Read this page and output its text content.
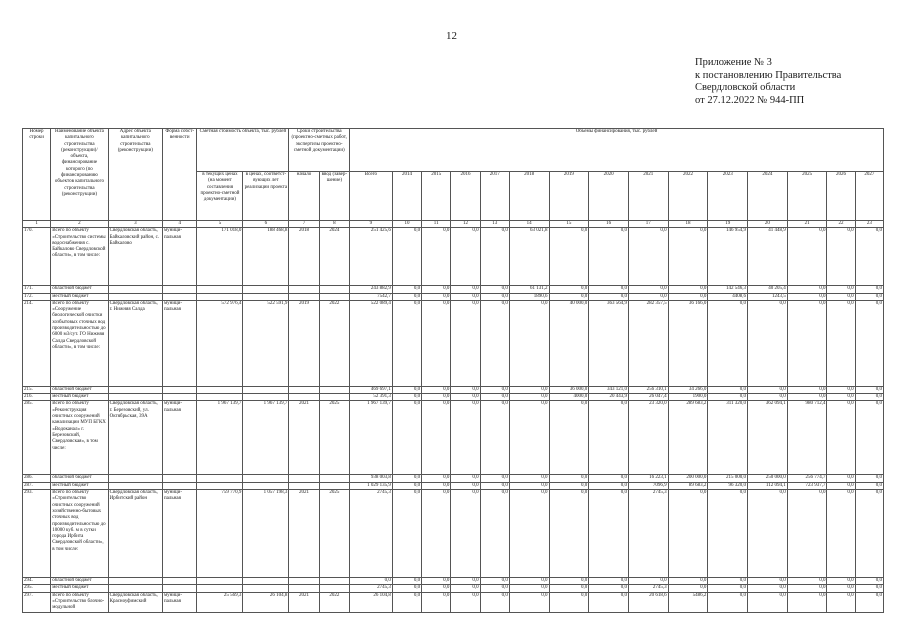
12
Приложение № 3
к постановлению Правительства
Свердловской области
от 27.12.2022 № 944-ПП
Номер строки	Наименование объекта капитального строительства (реконструкции)/ объекта, финансирование которого (по финансированию объектов капитального строительства (реконструкции)	Адрес объекта капитального строительства (реконструкции)	Форма собст-венности	Сметная стоимость объекта, тыс. рублей		Сроки строительства (проектно-сметных работ, экспертизы проектно-сметной документации)		Объемы финансирования, тыс. рублей														
				в текущих ценах (на момент составления проектно-сметной документации)	в ценах, соответст-вующих лет реализации проекта	начало	ввод (завер-шение)	Всего	2014	2015	2016	2017	2018	2019	2020	2021	2022	2023	2024	2025	2026	2027
1	2	3	4	5	6	7	8	9	10	11	12	13	14	15	16	17	18	19	20	21	22	23
170.	Всего по объекту «Строительство системы водоснабжения с. Байкалово Свердловской области», в том числе:	Свердловская область, Байкаловский район, с. Байкалово	муници-пальная	171 018,0	188 468,8	2018	2024	251 425,6	0,0	0,0	0,0	0,0	63 021,8	0,0	0,0	0,0	0,0	146 954,9	41 448,9	0,0	0,0	0,0
171.	областной бюджет							243 882,9	0,0	0,0	0,0	0,0	61 131,2	0,0	0,0	0,0	0,0	142 546,3	40 205,4	0,0	0,0	0,0
172.	местный бюджет							7542,7	0,0	0,0	0,0	0,0	1890,6	0,0	0,0	0,0	0,0	4408,6	1243,5	0,0	0,0	0,0
214.	Всего по объекту «Сооружение биологической очистки хозбытовых сточных вод производительностью до 6000 м3/сут. ГО Нижняя Салда Свердловской области», в том числе:	Свердловская область, г. Нижняя Салда	муници-пальная	572 976,4	522 591,9	2019	2022	522 089,4	0,0	0,0	0,0	0,0	0,0	40 000,0	363 564,9	282 357,5	36 166,0	0,0	0,0	0,0	0,0	0,0
215.	областной бюджет							469 697,1	0,0	0,0	0,0	0,0	0,0	36 000,0	343 121,0	256 310,1	34 266,0	0,0	0,0	0,0	0,0	0,0
216.	местный бюджет							52 391,3	0,0	0,0	0,0	0,0	0,0	4000,0	20 443,9	26 047,4	1900,0	0,0	0,0	0,0	0,0	0,0
285.	Всего по объекту «Реконструкция очистных сооружений канализации МУП БГКХ «Водоканал» г. Березовский, Свердловская», в том числе:	Свердловская область, г. Березовский, ул. Октябрьская, 39А	муници-пальная	1 967 139,7	1 967 139,7	2021	2025	1 967 139,7	0,0	0,0	0,0	0,0	0,0	0,0	0,0	23 320,0	289 683,2	311 320,0	362 094,1	980 712,4	0,0	0,0
286.	областной бюджет							938 003,8	0,0	0,0	0,0	0,0	0,0	0,0	0,0	16 223,1	200 000,0	215 000,0	250 000,0	256 774,7	0,0	0,0
287.	местный бюджет							1 029 135,9	0,0	0,0	0,0	0,0	0,0	0,0	0,0	7096,9	89 683,2	96 320,0	112 094,1	723 937,7	0,0	0,0
293.	Всего по объекту «Строительство очистных сооружений хозяйственно-бытовых сточных вод производительностью до 10000 куб. м в сутки города Ирбита Свердловской области», в том числе:	Свердловская область, Ирбитский район	муници-пальная	759 770,9	1 057 198,3	2021	2025	2745,3	0,0	0,0	0,0	0,0	0,0	0,0	0,0	2745,3	0,0	0,0	0,0	0,0	0,0	0,0
294.	областной бюджет							0,0	0,0	0,0	0,0	0,0	0,0	0,0	0,0	0,0	0,0	0,0	0,0	0,0	0,0	0,0
295.	местный бюджет							2745,3	0,0	0,0	0,0	0,0	0,0	0,0	0,0	2745,3	0,0	0,0	0,0	0,0	0,0	0,0
297.	Всего по объекту «Строительство блочно-модульной	Свердловская область, Красноуфимский	муници-пальная	25 569,3	26 104,8	2021	2022	26 104,8	0,0	0,0	0,0	0,0	0,0	0,0	0,0	20 618,6	5486,2	0,0	0,0	0,0	0,0	0,0
